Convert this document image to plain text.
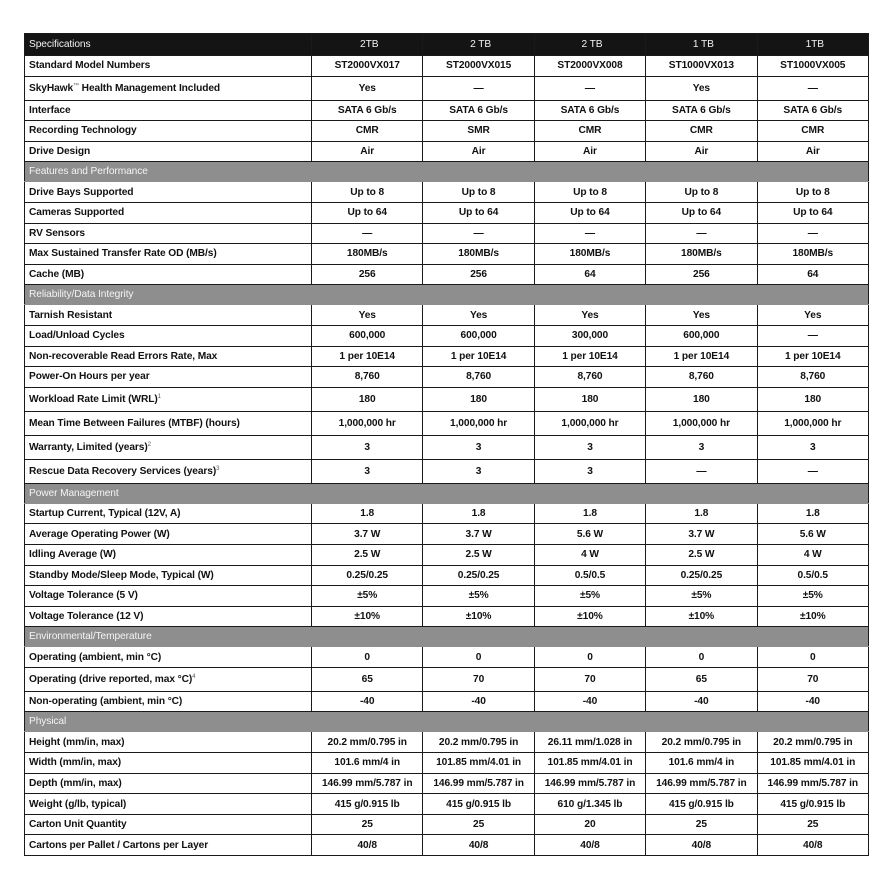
Specifications	2TB	2 TB	2 TB	1 TB	1TB
Standard Model Numbers	ST2000VX017	ST2000VX015	ST2000VX008	ST1000VX013	ST1000VX005
SkyHawk™ Health Management Included	Yes	—	—	Yes	—
Interface	SATA 6 Gb/s	SATA 6 Gb/s	SATA 6 Gb/s	SATA 6 Gb/s	SATA 6 Gb/s
Recording Technology	CMR	SMR	CMR	CMR	CMR
Drive Design	Air	Air	Air	Air	Air
Features and Performance					
Drive Bays Supported	Up to 8	Up to 8	Up to 8	Up to 8	Up to 8
Cameras Supported	Up to 64	Up to 64	Up to 64	Up to 64	Up to 64
RV Sensors	—	—	—	—	—
Max Sustained Transfer Rate OD (MB/s)	180MB/s	180MB/s	180MB/s	180MB/s	180MB/s
Cache (MB)	256	256	64	256	64
Reliability/Data Integrity					
Tarnish Resistant	Yes	Yes	Yes	Yes	Yes
Load/Unload Cycles	600,000	600,000	300,000	600,000	—
Non-recoverable Read Errors Rate, Max	1 per 10E14	1 per 10E14	1 per 10E14	1 per 10E14	1 per 10E14
Power-On Hours per year	8,760	8,760	8,760	8,760	8,760
Workload Rate Limit (WRL)$^1$	180	180	180	180	180
Mean Time Between Failures (MTBF) (hours)	1,000,000 hr	1,000,000 hr	1,000,000 hr	1,000,000 hr	1,000,000 hr
Warranty, Limited (years)$^2$	3	3	3	3	3
Rescue Data Recovery Services (years)$^3$	3	3	3	—	—
Power Management					
Startup Current, Typical (12V, A)	1.8	1.8	1.8	1.8	1.8
Average Operating Power (W)	3.7 W	3.7 W	5.6 W	3.7 W	5.6 W
Idling Average (W)	2.5 W	2.5 W	4 W	2.5 W	4 W
Standby Mode/Sleep Mode, Typical (W)	0.25/0.25	0.25/0.25	0.5/0.5	0.25/0.25	0.5/0.5
Voltage Tolerance (5 V)	±5%	±5%	±5%	±5%	±5%
Voltage Tolerance (12 V)	±10%	±10%	±10%	±10%	±10%
Environmental/Temperature					
Operating (ambient, min °C)	0	0	0	0	0
Operating (drive reported, max °C)$^4$	65	70	70	65	70
Non-operating (ambient, min °C)	-40	-40	-40	-40	-40
Physical					
Height (mm/in, max)	20.2 mm/0.795 in	20.2 mm/0.795 in	26.11 mm/1.028 in	20.2 mm/0.795 in	20.2 mm/0.795 in
Width (mm/in, max)	101.6 mm/4 in	101.85 mm/4.01 in	101.85 mm/4.01 in	101.6 mm/4 in	101.85 mm/4.01 in
Depth (mm/in, max)	146.99 mm/5.787 in	146.99 mm/5.787 in	146.99 mm/5.787 in	146.99 mm/5.787 in	146.99 mm/5.787 in
Weight (g/lb, typical)	415 g/0.915 lb	415 g/0.915 lb	610 g/1.345 lb	415 g/0.915 lb	415 g/0.915 lb
Carton Unit Quantity	25	25	20	25	25
Cartons per Pallet / Cartons per Layer	40/8	40/8	40/8	40/8	40/8
